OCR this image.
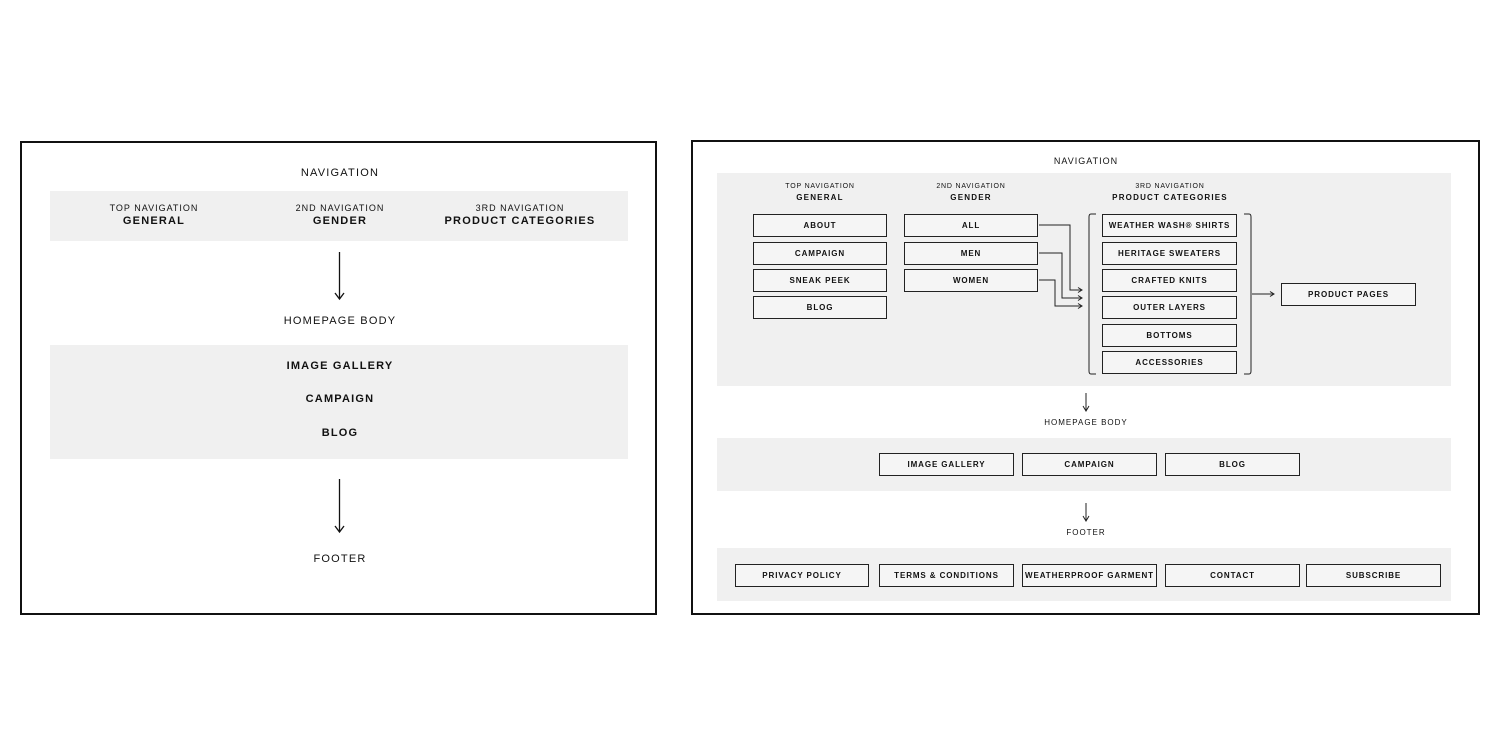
NAVIGATION
TOP NAVIGATION
GENERAL
2ND NAVIGATION
GENDER
3RD NAVIGATION
PRODUCT CATEGORIES
HOMEPAGE BODY
IMAGE GALLERY
CAMPAIGN
BLOG
FOOTER
NAVIGATION
TOP NAVIGATION
GENERAL
2ND NAVIGATION
GENDER
3RD NAVIGATION
PRODUCT CATEGORIES
ABOUT
CAMPAIGN
SNEAK PEEK
BLOG
ALL
MEN
WOMEN
WEATHER WASH® SHIRTS
HERITAGE SWEATERS
CRAFTED KNITS
OUTER LAYERS
BOTTOMS
ACCESSORIES
PRODUCT PAGES
HOMEPAGE BODY
IMAGE GALLERY	CAMPAIGN	BLOG
FOOTER
PRIVACY POLICY	TERMS & CONDITIONS	WEATHERPROOF GARMENT	CONTACT	SUBSCRIBE
